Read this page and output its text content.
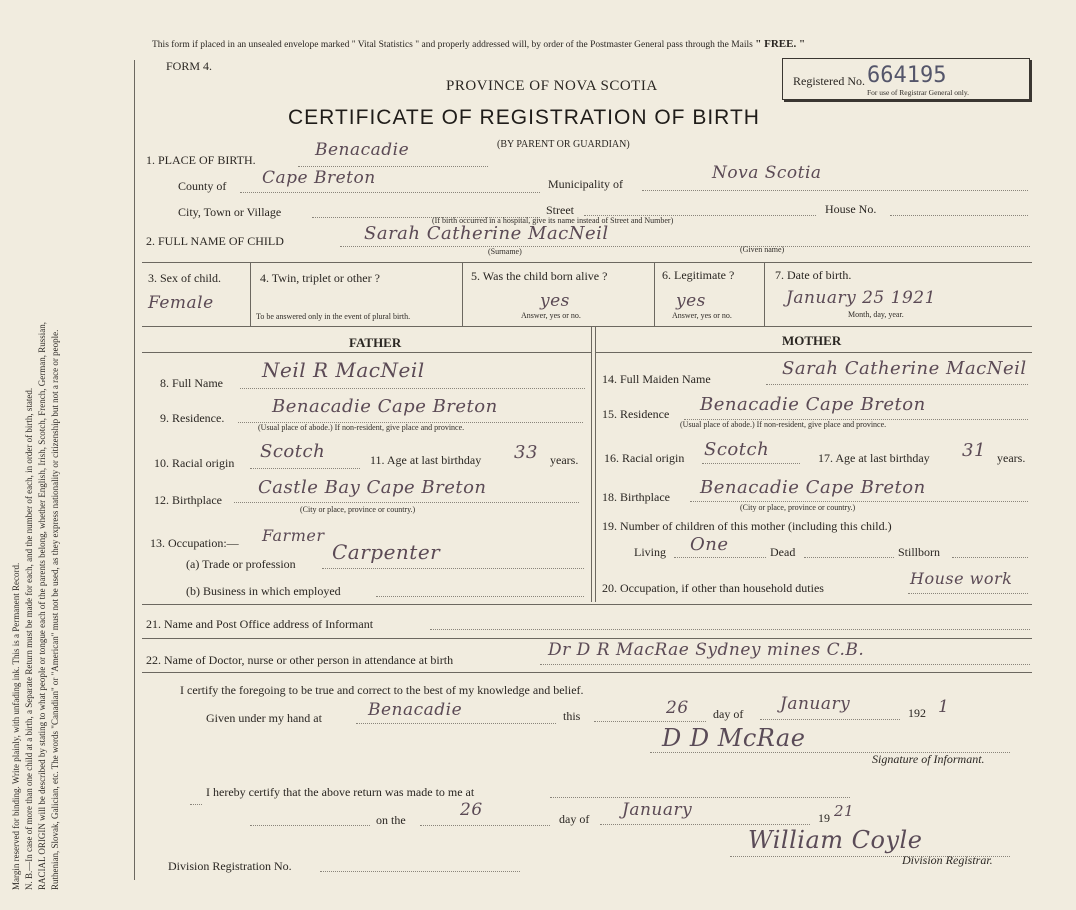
Margin reserved for binding. Write plainly, with unfading ink. This is a Permanent Record. N. B.—In case of more than one child at a birth, a Separate Return must be made for each, and the number of each, in order of birth, stated. RACIAL ORIGIN will be described by stating to what people or tongue each of the parents belong, whether English, Irish, Scotch, French, German, Russian, Ruthenian, Slovak, Galician, etc. The words "Canadian" or "American" must not be used, as they express nationality or citizenship but not a race or people.
This form if placed in an unsealed envelope marked " Vital Statistics " and properly addressed will, by order of the Postmaster General pass through the Mails " FREE. "
FORM 4.
PROVINCE OF NOVA SCOTIA
CERTIFICATE OF REGISTRATION OF BIRTH
(BY PARENT OR GUARDIAN)
Registered No. 664195
For use of Registrar General only.
1. PLACE OF BIRTH.	Benacadie
County of Cape Breton	Municipality of
Nova Scotia
City, Town or Village	Street	House No.
(If birth occurred in a hospital, give its name instead of Street and Number)
2. FULL NAME OF CHILD	Sarah Catherine MacNeil
(Surname)	(Given name)
3. Sex of child.
Female
4. Twin, triplet or other ?
To be answered only in the event of plural birth.
5. Was the child born alive ?
yes
Answer, yes or no.
6. Legitimate ?
yes
Answer, yes or no.
7. Date of birth.
January 25 1921
Month, day, year.
FATHER	MOTHER
8. Full Name
Neil R MacNeil
9. Residence.
Benacadie Cape Breton
(Usual place of abode.) If non-resident, give place and province.
10. Racial origin
Scotch	11. Age at last birthday 33 years.
12. Birthplace
Castle Bay Cape Breton
(City or place, province or country.)
13. Occupation:— Farmer
(a) Trade or profession Carpenter
(b) Business in which employed
14. Full Maiden Name	Sarah Catherine MacNeil
15. Residence Benacadie Cape Breton
(Usual place of abode.) If non-resident, give place and province.
16. Racial origin Scotch	17. Age at last birthday 31 years.
18. Birthplace Benacadie Cape Breton
(City or place, province or country.)
19. Number of children of this mother (including this child.)
Living One	Dead	Stillborn
20. Occupation, if other than household duties	House work
21. Name and Post Office address of Informant
22. Name of Doctor, nurse or other person in attendance at birth	Dr D R MacRae Sydney mines C.B.
I certify the foregoing to be true and correct to the best of my knowledge and belief.
Given under my hand at	Benacadie	this	26 day of January	192 1
D D McRae
Signature of Informant.
I hereby certify that the above return was made to me at
on the	26	day of January	19 21
Division Registration No.
William Coyle
Division Registrar.
